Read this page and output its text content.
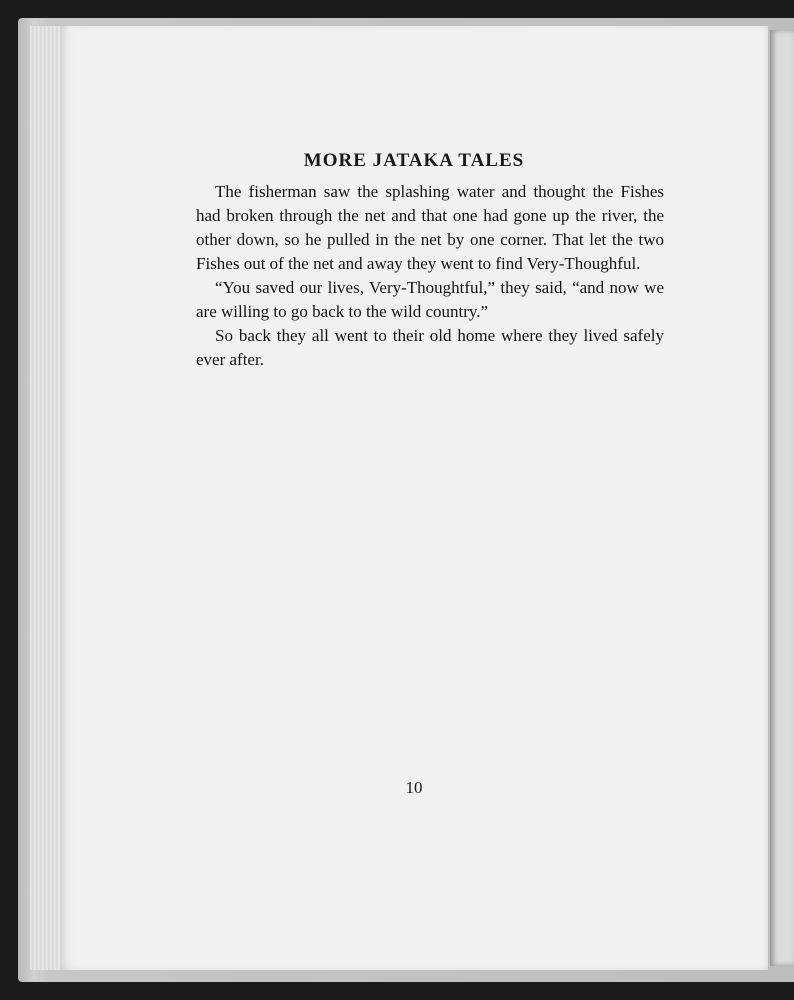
MORE JATAKA TALES

The fisherman saw the splashing water and thought the Fishes had broken through the net and that one had gone up the river, the other down, so he pulled in the net by one corner. That let the two Fishes out of the net and away they went to find Very-Thoughful.

“You saved our lives, Very-Thoughtful,” they said, “and now we are willing to go back to the wild country.”

So back they all went to their old home where they lived safely ever after.

10
